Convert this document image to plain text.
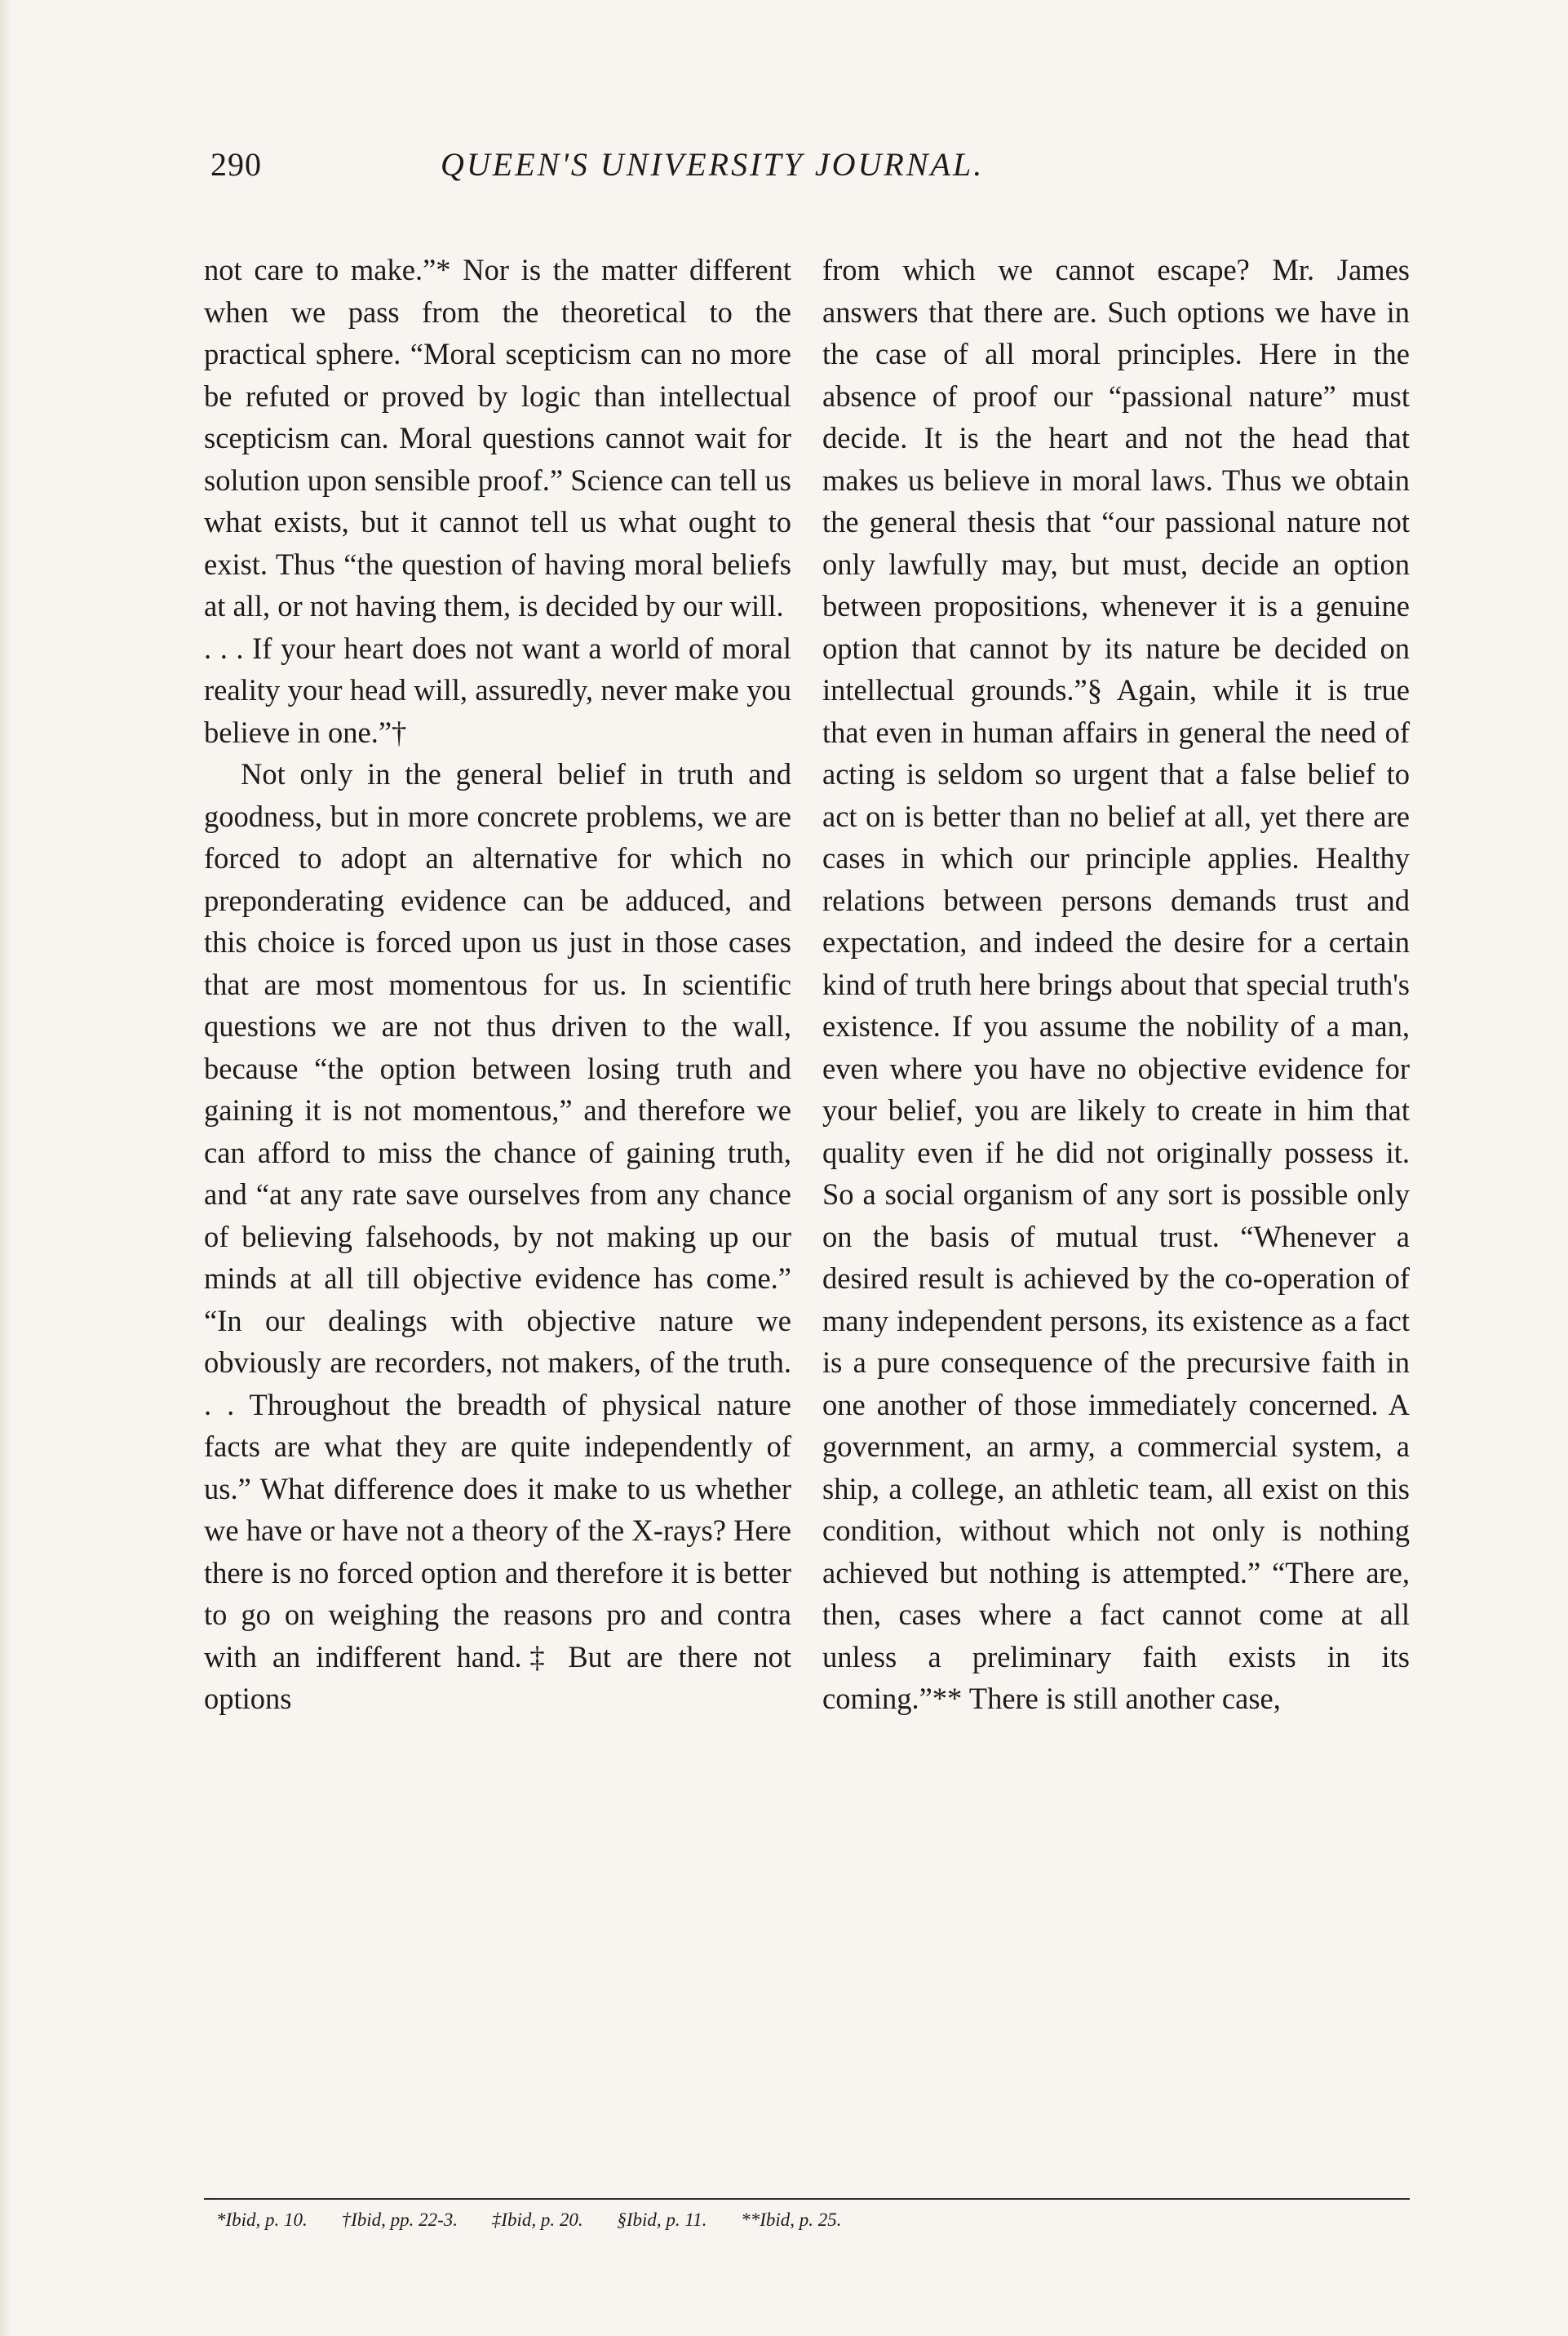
290	QUEEN'S UNIVERSITY JOURNAL.

not care to make.”* Nor is the matter different when we pass from the theoretical to the practical sphere. “Moral scepticism can no more be refuted or proved by logic than intellectual scepticism can. Moral questions cannot wait for solution upon sensible proof.” Science can tell us what exists, but it cannot tell us what ought to exist. Thus “the question of having moral beliefs at all, or not having them, is decided by our will.

. . . If your heart does not want a world of moral reality your head will, assuredly, never make you believe in one.”†

Not only in the general belief in truth and goodness, but in more concrete problems, we are forced to adopt an alternative for which no preponderating evidence can be adduced, and this choice is forced upon us just in those cases that are most momentous for us. In scientific questions we are not thus driven to the wall, because “the option between losing truth and gaining it is not momentous,” and therefore we can afford to miss the chance of gaining truth, and “at any rate save ourselves from any chance of believing falsehoods, by not making up our minds at all till objective evidence has come.” “In our dealings with objective nature we obviously are recorders, not makers, of the truth. . . Throughout the breadth of physical nature facts are what they are quite independently of us.” What difference does it make to us whether we have or have not a theory of the X-rays? Here there is no forced option and therefore it is better to go on weighing the reasons pro and contra with an indifferent hand.‡ But are there not options

from which we cannot escape? Mr. James answers that there are. Such options we have in the case of all moral principles. Here in the absence of proof our “passional nature” must decide. It is the heart and not the head that makes us believe in moral laws. Thus we obtain the general thesis that “our passional nature not only lawfully may, but must, decide an option between propositions, whenever it is a genuine option that cannot by its nature be decided on intellectual grounds.”§ Again, while it is true that even in human affairs in general the need of acting is seldom so urgent that a false belief to act on is better than no belief at all, yet there are cases in which our principle applies. Healthy relations between persons demands trust and expectation, and indeed the desire for a certain kind of truth here brings about that special truth's existence. If you assume the nobility of a man, even where you have no objective evidence for your belief, you are likely to create in him that quality even if he did not originally possess it. So a social organism of any sort is possible only on the basis of mutual trust. “Whenever a desired result is achieved by the co-operation of many independent persons, its existence as a fact is a pure consequence of the precursive faith in one another of those immediately concerned. A government, an army, a commercial system, a ship, a college, an athletic team, all exist on this condition, without which not only is nothing achieved but nothing is attempted.” “There are, then, cases where a fact cannot come at all unless a preliminary faith exists in its coming.”** There is still another case,

*Ibid, p. 10. †Ibid, pp. 22-3. ‡Ibid, p. 20. §Ibid, p. 11. **Ibid, p. 25.
